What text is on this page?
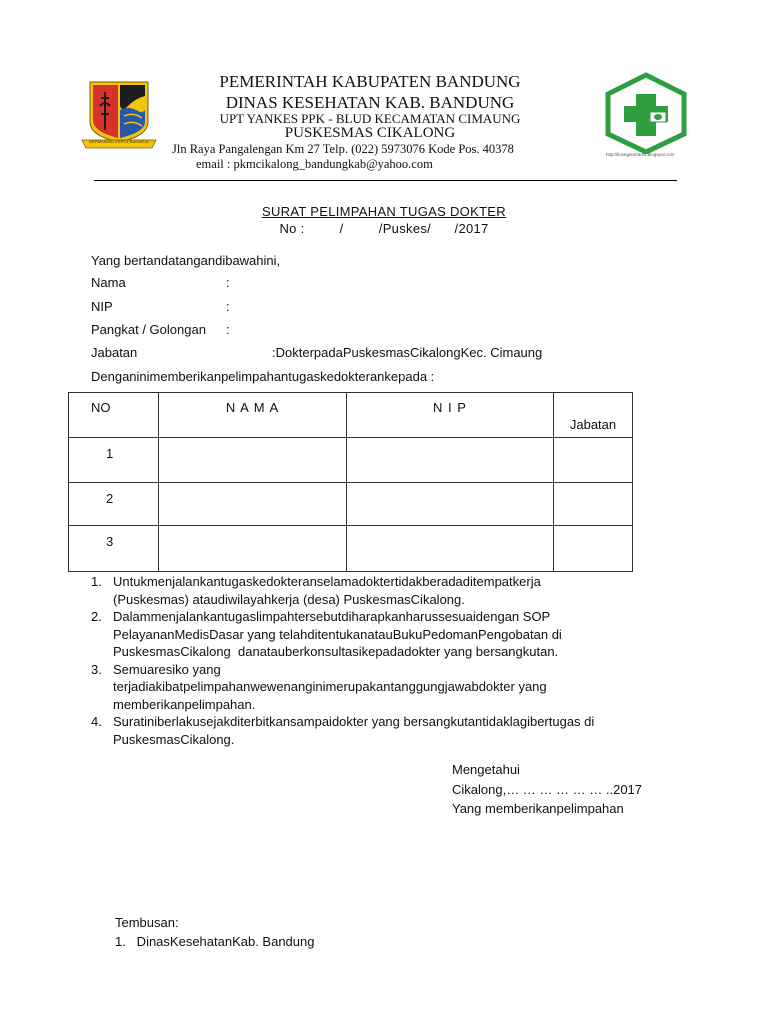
SEPANJANG KERTA RAHARJA
PEMERINTAH KABUPATEN BANDUNG
DINAS KESEHATAN KAB. BANDUNG
UPT YANKES PPK - BLUD KECAMATAN CIMAUNG
PUSKESMAS CIKALONG
Jln Raya Pangalengan Km 27 Telp. (022) 5973076 Kode Pos. 40378
email : pkmcikalong_bandungkab@yahoo.com
http://ilovegambarku.blogspot.com
SURAT PELIMPAHAN TUGAS DOKTER
No :         /         /Puskes/      /2017
Yang bertandatangandibawahini,
Nama	:
NIP	:
Pangkat / Golongan :
Jabatan	:DokterpadaPuskesmasCikalongKec. Cimaung
Denganinimemberikanpelimpahantugaskedokterankepada :
NO	N A M A	N I P	Jabatan
1			
2			
3			
1. Untukmenjalankantugaskedokteranselamadoktertidakberadaditempatkerja
(Puskesmas) ataudiwilayahkerja (desa) PuskesmasCikalong.
2. Dalammenjalankantugaslimpahtersebutdiharapkanharussesuaidengan SOP
PelayananMedisDasar yang telahditentukanatauBukuPedomanPengobatan di
PuskesmasCikalong  danatauberkonsultasikepadadokter yang bersangkutan.
3. Semuaresiko yang
terjadiakibatpelimpahanwewenanginimerupakantanggungjawabdokter yang
memberikanpelimpahan.
4. Suratiniberlakusejakditerbitkansampaidokter yang bersangkutantidaklagibertugas di
PuskesmasCikalong.
Mengetahui
Cikalong,… … … … … … ..2017
Yang memberikanpelimpahan
Tembusan:
1.   DinasKesehatanKab. Bandung
